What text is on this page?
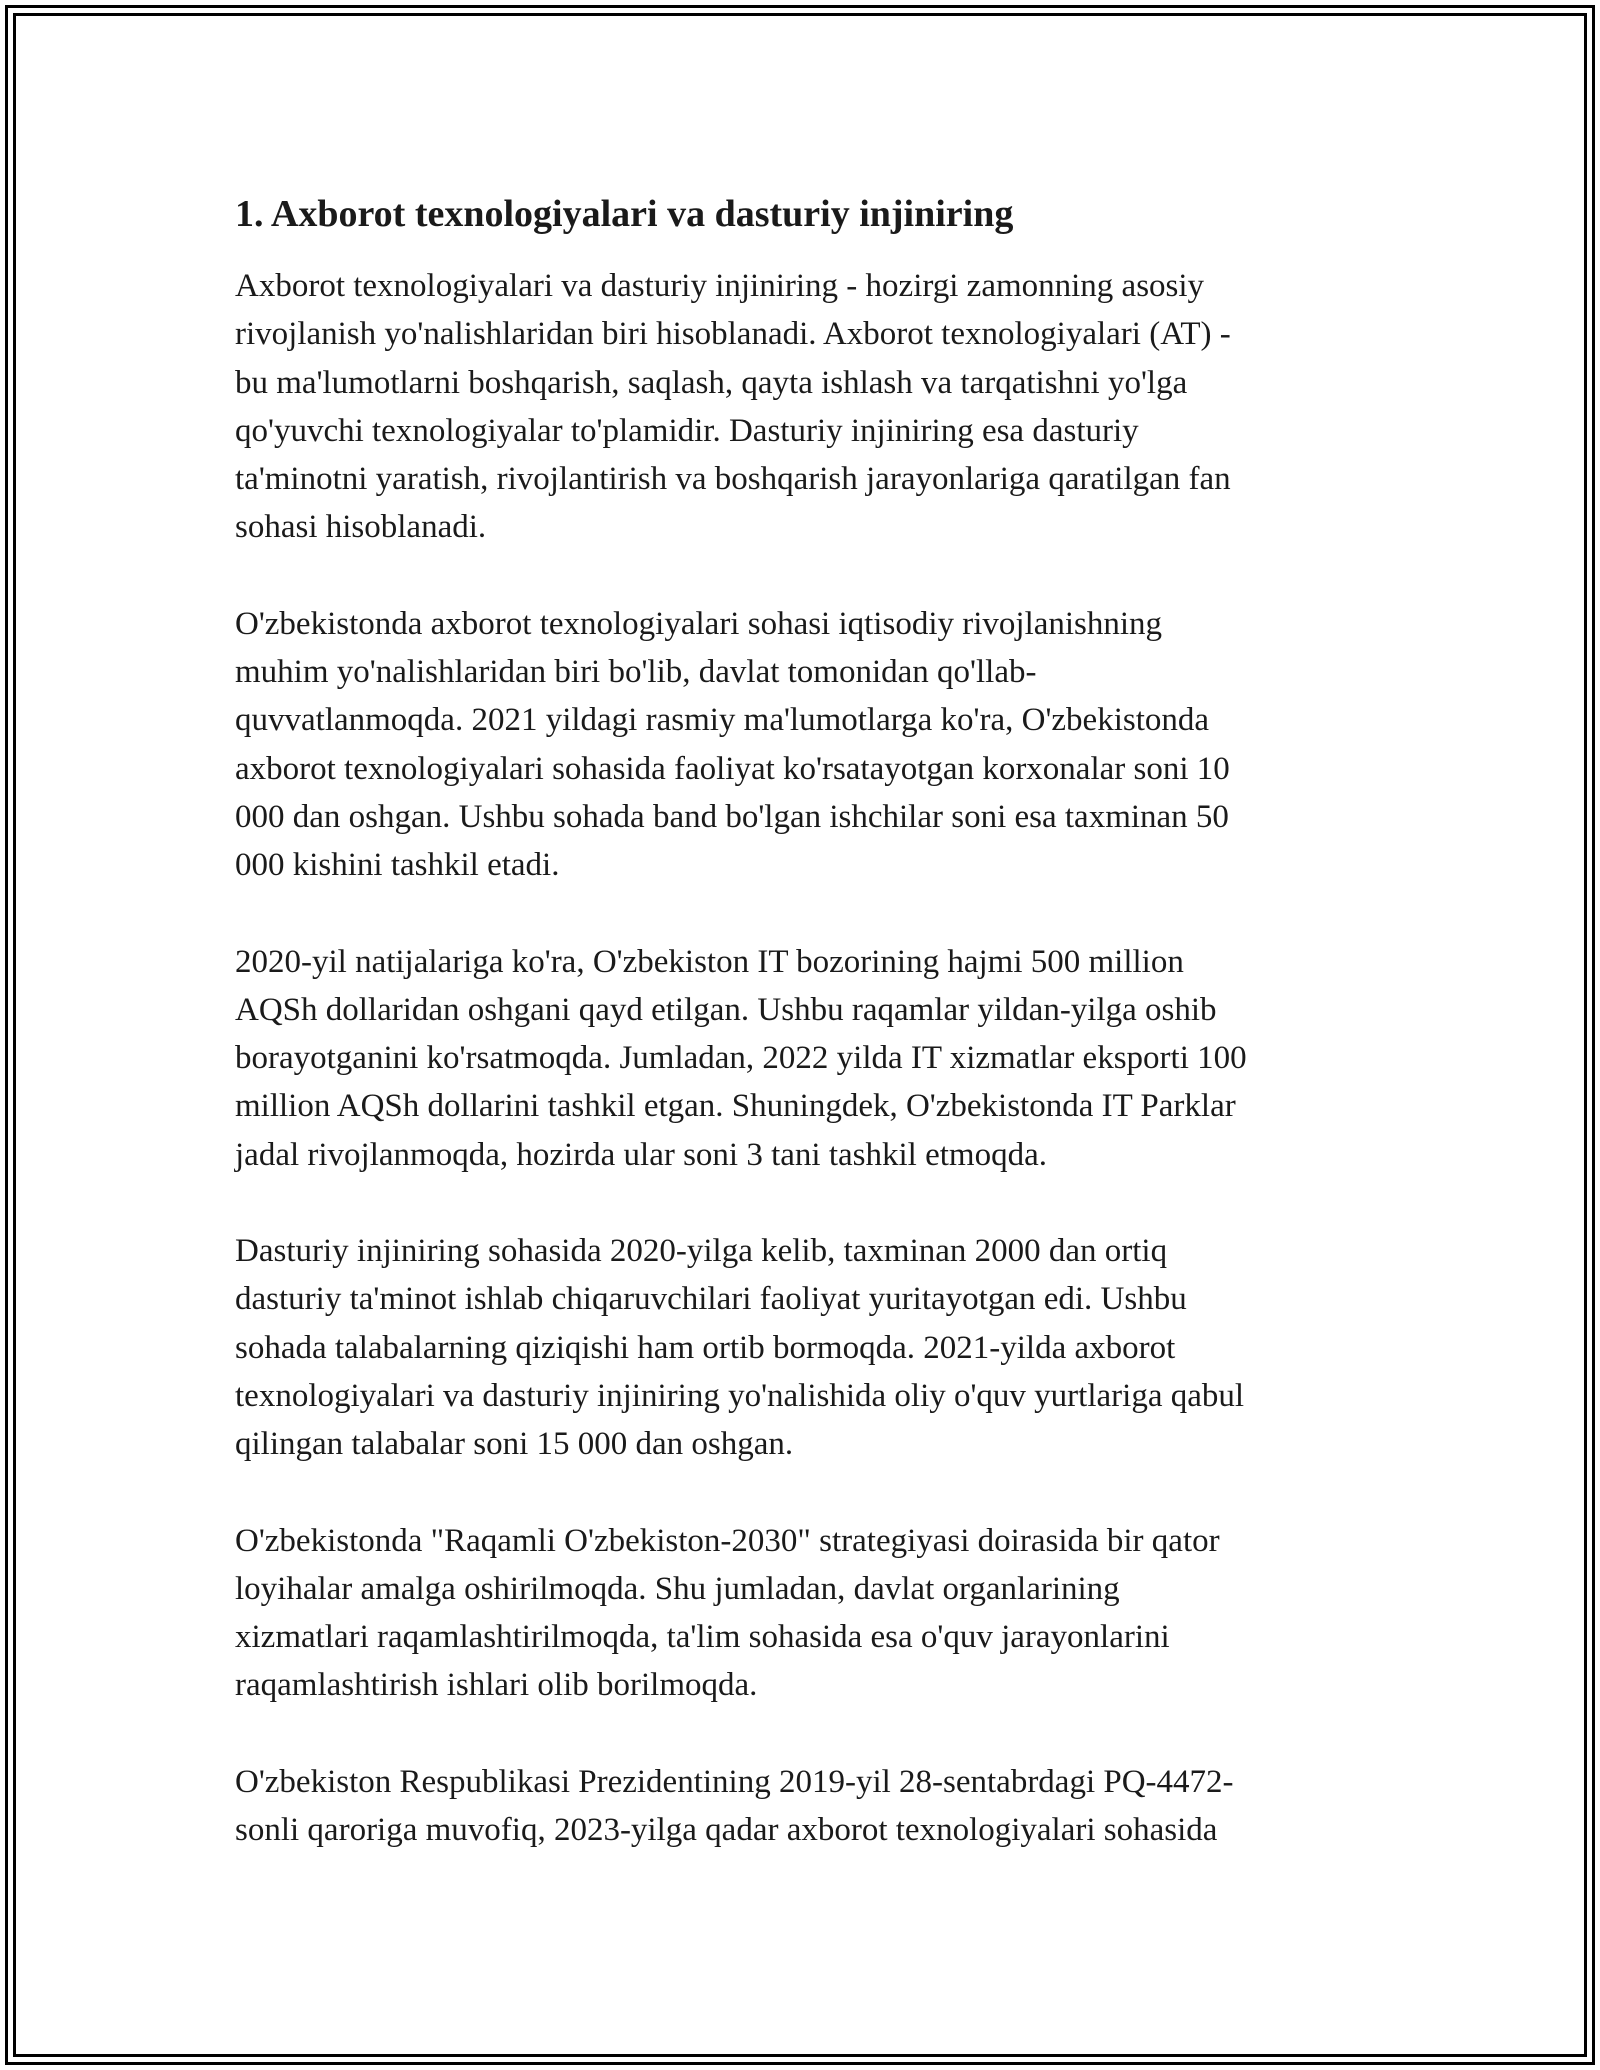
1. Axborot texnologiyalari va dasturiy injiniring

Axborot texnologiyalari va dasturiy injiniring - hozirgi zamonning asosiy
rivojlanish yo'nalishlaridan biri hisoblanadi. Axborot texnologiyalari (AT) -
bu ma'lumotlarni boshqarish, saqlash, qayta ishlash va tarqatishni yo'lga
qo'yuvchi texnologiyalar to'plamidir. Dasturiy injiniring esa dasturiy
ta'minotni yaratish, rivojlantirish va boshqarish jarayonlariga qaratilgan fan
sohasi hisoblanadi.

O'zbekistonda axborot texnologiyalari sohasi iqtisodiy rivojlanishning
muhim yo'nalishlaridan biri bo'lib, davlat tomonidan qo'llab-
quvvatlanmoqda. 2021 yildagi rasmiy ma'lumotlarga ko'ra, O'zbekistonda
axborot texnologiyalari sohasida faoliyat ko'rsatayotgan korxonalar soni 10
000 dan oshgan. Ushbu sohada band bo'lgan ishchilar soni esa taxminan 50
000 kishini tashkil etadi.

2020-yil natijalariga ko'ra, O'zbekiston IT bozorining hajmi 500 million
AQSh dollaridan oshgani qayd etilgan. Ushbu raqamlar yildan-yilga oshib
borayotganini ko'rsatmoqda. Jumladan, 2022 yilda IT xizmatlar eksporti 100
million AQSh dollarini tashkil etgan. Shuningdek, O'zbekistonda IT Parklar
jadal rivojlanmoqda, hozirda ular soni 3 tani tashkil etmoqda.

Dasturiy injiniring sohasida 2020-yilga kelib, taxminan 2000 dan ortiq
dasturiy ta'minot ishlab chiqaruvchilari faoliyat yuritayotgan edi. Ushbu
sohada talabalarning qiziqishi ham ortib bormoqda. 2021-yilda axborot
texnologiyalari va dasturiy injiniring yo'nalishida oliy o'quv yurtlariga qabul
qilingan talabalar soni 15 000 dan oshgan.

O'zbekistonda "Raqamli O'zbekiston-2030" strategiyasi doirasida bir qator
loyihalar amalga oshirilmoqda. Shu jumladan, davlat organlarining
xizmatlari raqamlashtirilmoqda, ta'lim sohasida esa o'quv jarayonlarini
raqamlashtirish ishlari olib borilmoqda.

O'zbekiston Respublikasi Prezidentining 2019-yil 28-sentabrdagi PQ-4472-
sonli qaroriga muvofiq, 2023-yilga qadar axborot texnologiyalari sohasida
